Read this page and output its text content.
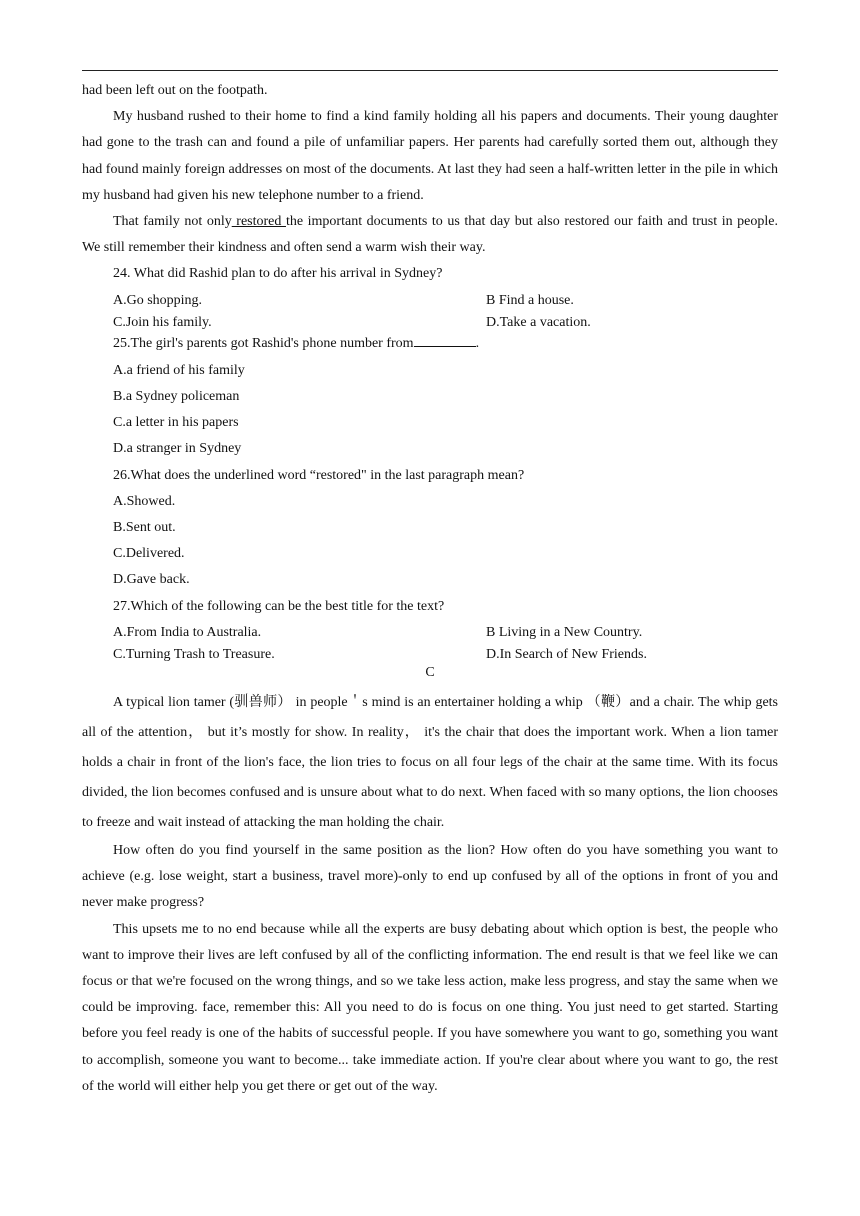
had been left out on the footpath.

My husband rushed to their home to find a kind family holding all his papers and documents. Their young daughter had gone to the trash can and found a pile of unfamiliar papers. Her parents had carefully sorted them out, although they had found mainly foreign addresses on most of the documents. At last they had seen a half-written letter in the pile in which my husband had given his new telephone number to a friend.

That family not only restored the important documents to us that day but also restored our faith and trust in people. We still remember their kindness and often send a warm wish their way.

24. What did Rashid plan to do after his arrival in Sydney?

A.Go shopping.	B Find a house.
C.Join his family.	D.Take a vacation.

25.The girl's parents got Rashid's phone number from	.

A.a friend of his family

B.a Sydney policeman

C.a letter in his papers

D.a stranger in Sydney

26.What does the underlined word “restored" in the last paragraph mean?

A.Showed.

B.Sent out.

C.Delivered.

D.Gave back.

27.Which of the following can be the best title for the text?

A.From India to Australia.	B Living in a New Country.
C.Turning Trash to Treasure.	D.In Search of New Friends.

C

A typical lion tamer (驯兽师） in people＇s mind is an entertainer holding a whip （鞭）and a chair. The whip gets all of the attention， but it’s mostly for show. In reality， it's the chair that does the important work. When a lion tamer holds a chair in front of the lion's face, the lion tries to focus on all four legs of the chair at the same time. With its focus divided, the lion becomes confused and is unsure about what to do next. When faced with so many options, the lion chooses to freeze and wait instead of attacking the man holding the chair.

How often do you find yourself in the same position as the lion? How often do you have something you want to achieve (e.g. lose weight, start a business, travel more)-only to end up confused by all of the options in front of you and never make progress?

This upsets me to no end because while all the experts are busy debating about which option is best, the people who want to improve their lives are left confused by all of the conflicting information. The end result is that we feel like we can focus or that we're focused on the wrong things, and so we take less action, make less progress, and stay the same when we could be improving. face, remember this: All you need to do is focus on one thing. You just need to get started. Starting before you feel ready is one of the habits of successful people. If you have somewhere you want to go, something you want to accomplish, someone you want to become... take immediate action. If you're clear about where you want to go, the rest of the world will either help you get there or get out of the way.
